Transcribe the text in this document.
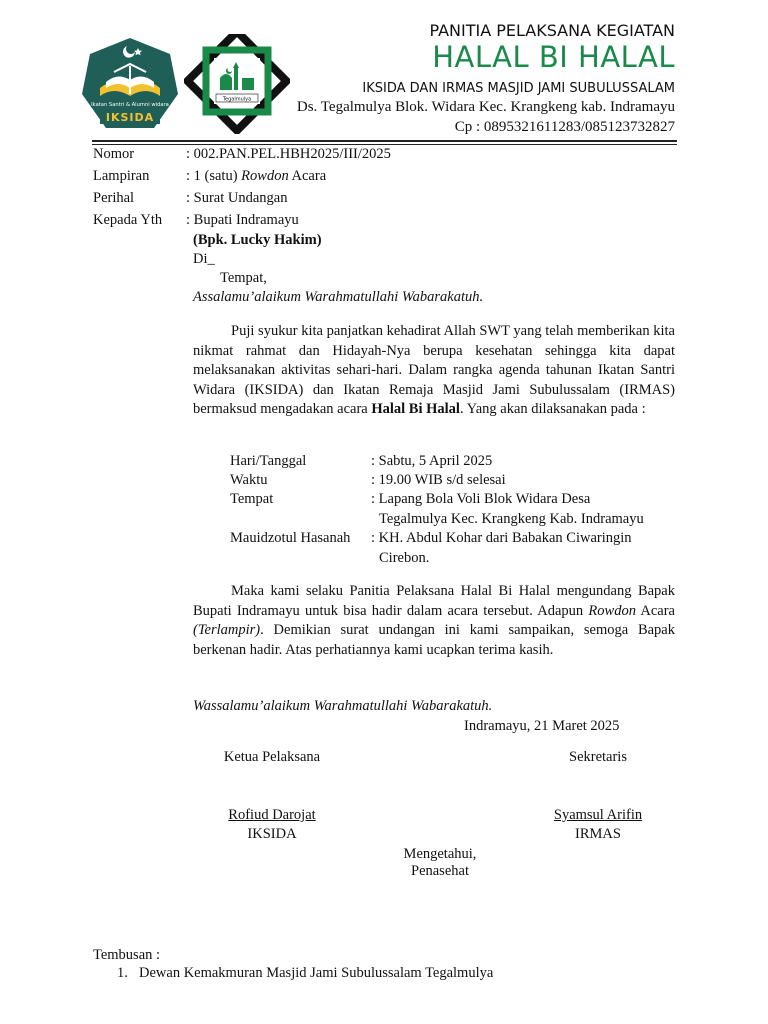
Ikatan Santri & Alumni widara
IKSIDA
Tegalmulya
PANITIA PELAKSANA KEGIATAN
HALAL BI HALAL
IKSIDA DAN IRMAS MASJID JAMI SUBULUSSALAM
Ds. Tegalmulya Blok. Widara Kec. Krangkeng kab. Indramayu
Cp : 0895321611283/085123732827
Nomor	: 002.PAN.PEL.HBH2025/III/2025
Lampiran	: 1 (satu) Rowdon Acara
Perihal	: Surat Undangan
Kepada Yth : Bupati Indramayu
(Bpk. Lucky Hakim)
Di_
Tempat,
Assalamu’alaikum Warahmatullahi Wabarakatuh.

Puji syukur kita panjatkan kehadirat Allah SWT yang telah memberikan kita nikmat rahmat dan Hidayah-Nya berupa kesehatan sehingga kita dapat melaksanakan aktivitas sehari-hari. Dalam rangka agenda tahunan Ikatan Santri Widara (IKSIDA) dan Ikatan Remaja Masjid Jami Subulussalam (IRMAS) bermaksud mengadakan acara Halal Bi Halal. Yang akan dilaksanakan pada :

Hari/Tanggal	: Sabtu, 5 April 2025
Waktu	: 19.00 WIB s/d selesai
Tempat	: Lapang Bola Voli Blok Widara Desa
Tegalmulya Kec. Krangkeng Kab. Indramayu
Mauidzotul Hasanah : KH. Abdul Kohar dari Babakan Ciwaringin
Cirebon.

Maka kami selaku Panitia Pelaksana Halal Bi Halal mengundang Bapak Bupati Indramayu untuk bisa hadir dalam acara tersebut. Adapun Rowdon Acara (Terlampir). Demikian surat undangan ini kami sampaikan, semoga Bapak berkenan hadir. Atas perhatiannya kami ucapkan terima kasih.

Wassalamu’alaikum Warahmatullahi Wabarakatuh.
Indramayu, 21 Maret 2025
Ketua Pelaksana
Rofiud Darojat
IKSIDA
Sekretaris
Syamsul Arifin
IRMAS
Mengetahui,
Penasehat
Tembusan :
1. Dewan Kemakmuran Masjid Jami Subulussalam Tegalmulya
